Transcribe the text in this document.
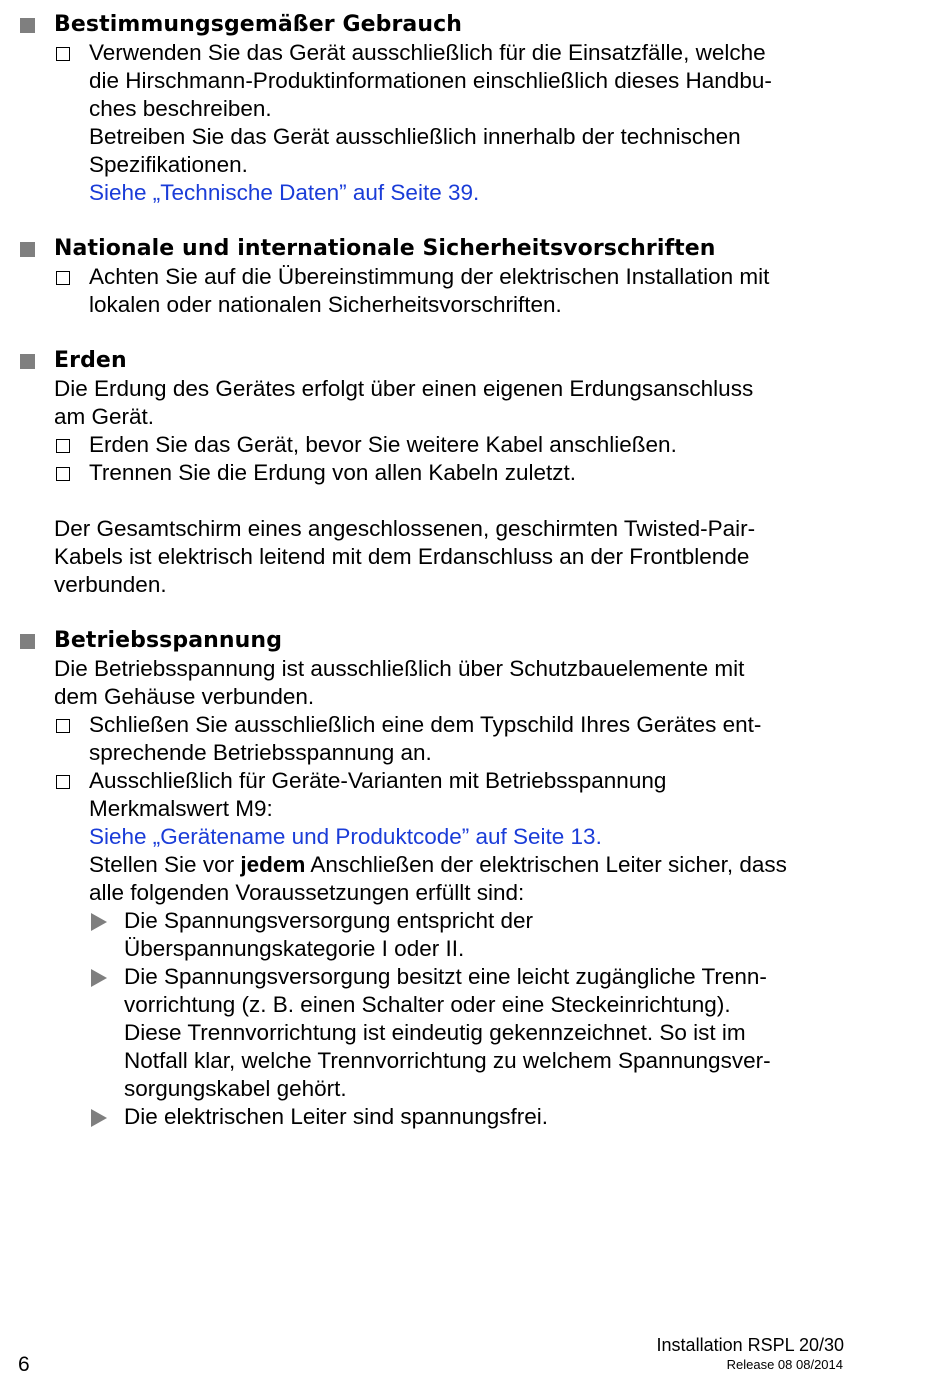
Bestimmungsgemäßer Gebrauch
Verwenden Sie das Gerät ausschließlich für die Einsatzfälle, welche
die Hirschmann-Produktinformationen einschließlich dieses Handbu-
ches beschreiben.
Betreiben Sie das Gerät ausschließlich innerhalb der technischen
Spezifikationen.
Siehe „Technische Daten” auf Seite 39.
Nationale und internationale Sicherheitsvorschriften
Achten Sie auf die Übereinstimmung der elektrischen Installation mit
lokalen oder nationalen Sicherheitsvorschriften.
Erden
Die Erdung des Gerätes erfolgt über einen eigenen Erdungsanschluss
am Gerät.
Erden Sie das Gerät, bevor Sie weitere Kabel anschließen.
Trennen Sie die Erdung von allen Kabeln zuletzt.
Der Gesamtschirm eines angeschlossenen, geschirmten Twisted-Pair-
Kabels ist elektrisch leitend mit dem Erdanschluss an der Frontblende
verbunden.
Betriebsspannung
Die Betriebsspannung ist ausschließlich über Schutzbauelemente mit
dem Gehäuse verbunden.
Schließen Sie ausschließlich eine dem Typschild Ihres Gerätes ent-
sprechende Betriebsspannung an.
Ausschließlich für Geräte-Varianten mit Betriebsspannung
Merkmalswert M9:
Siehe „Gerätename und Produktcode” auf Seite 13.
Stellen Sie vor jedem Anschließen der elektrischen Leiter sicher, dass
alle folgenden Voraussetzungen erfüllt sind:
Die Spannungsversorgung entspricht der
Überspannungskategorie I oder II.
Die Spannungsversorgung besitzt eine leicht zugängliche Trenn-
vorrichtung (z. B. einen Schalter oder eine Steckeinrichtung).
Diese Trennvorrichtung ist eindeutig gekennzeichnet. So ist im
Notfall klar, welche Trennvorrichtung zu welchem Spannungsver-
sorgungskabel gehört.
Die elektrischen Leiter sind spannungsfrei.
Installation RSPL 20/30
Release 08 08/2014
6
